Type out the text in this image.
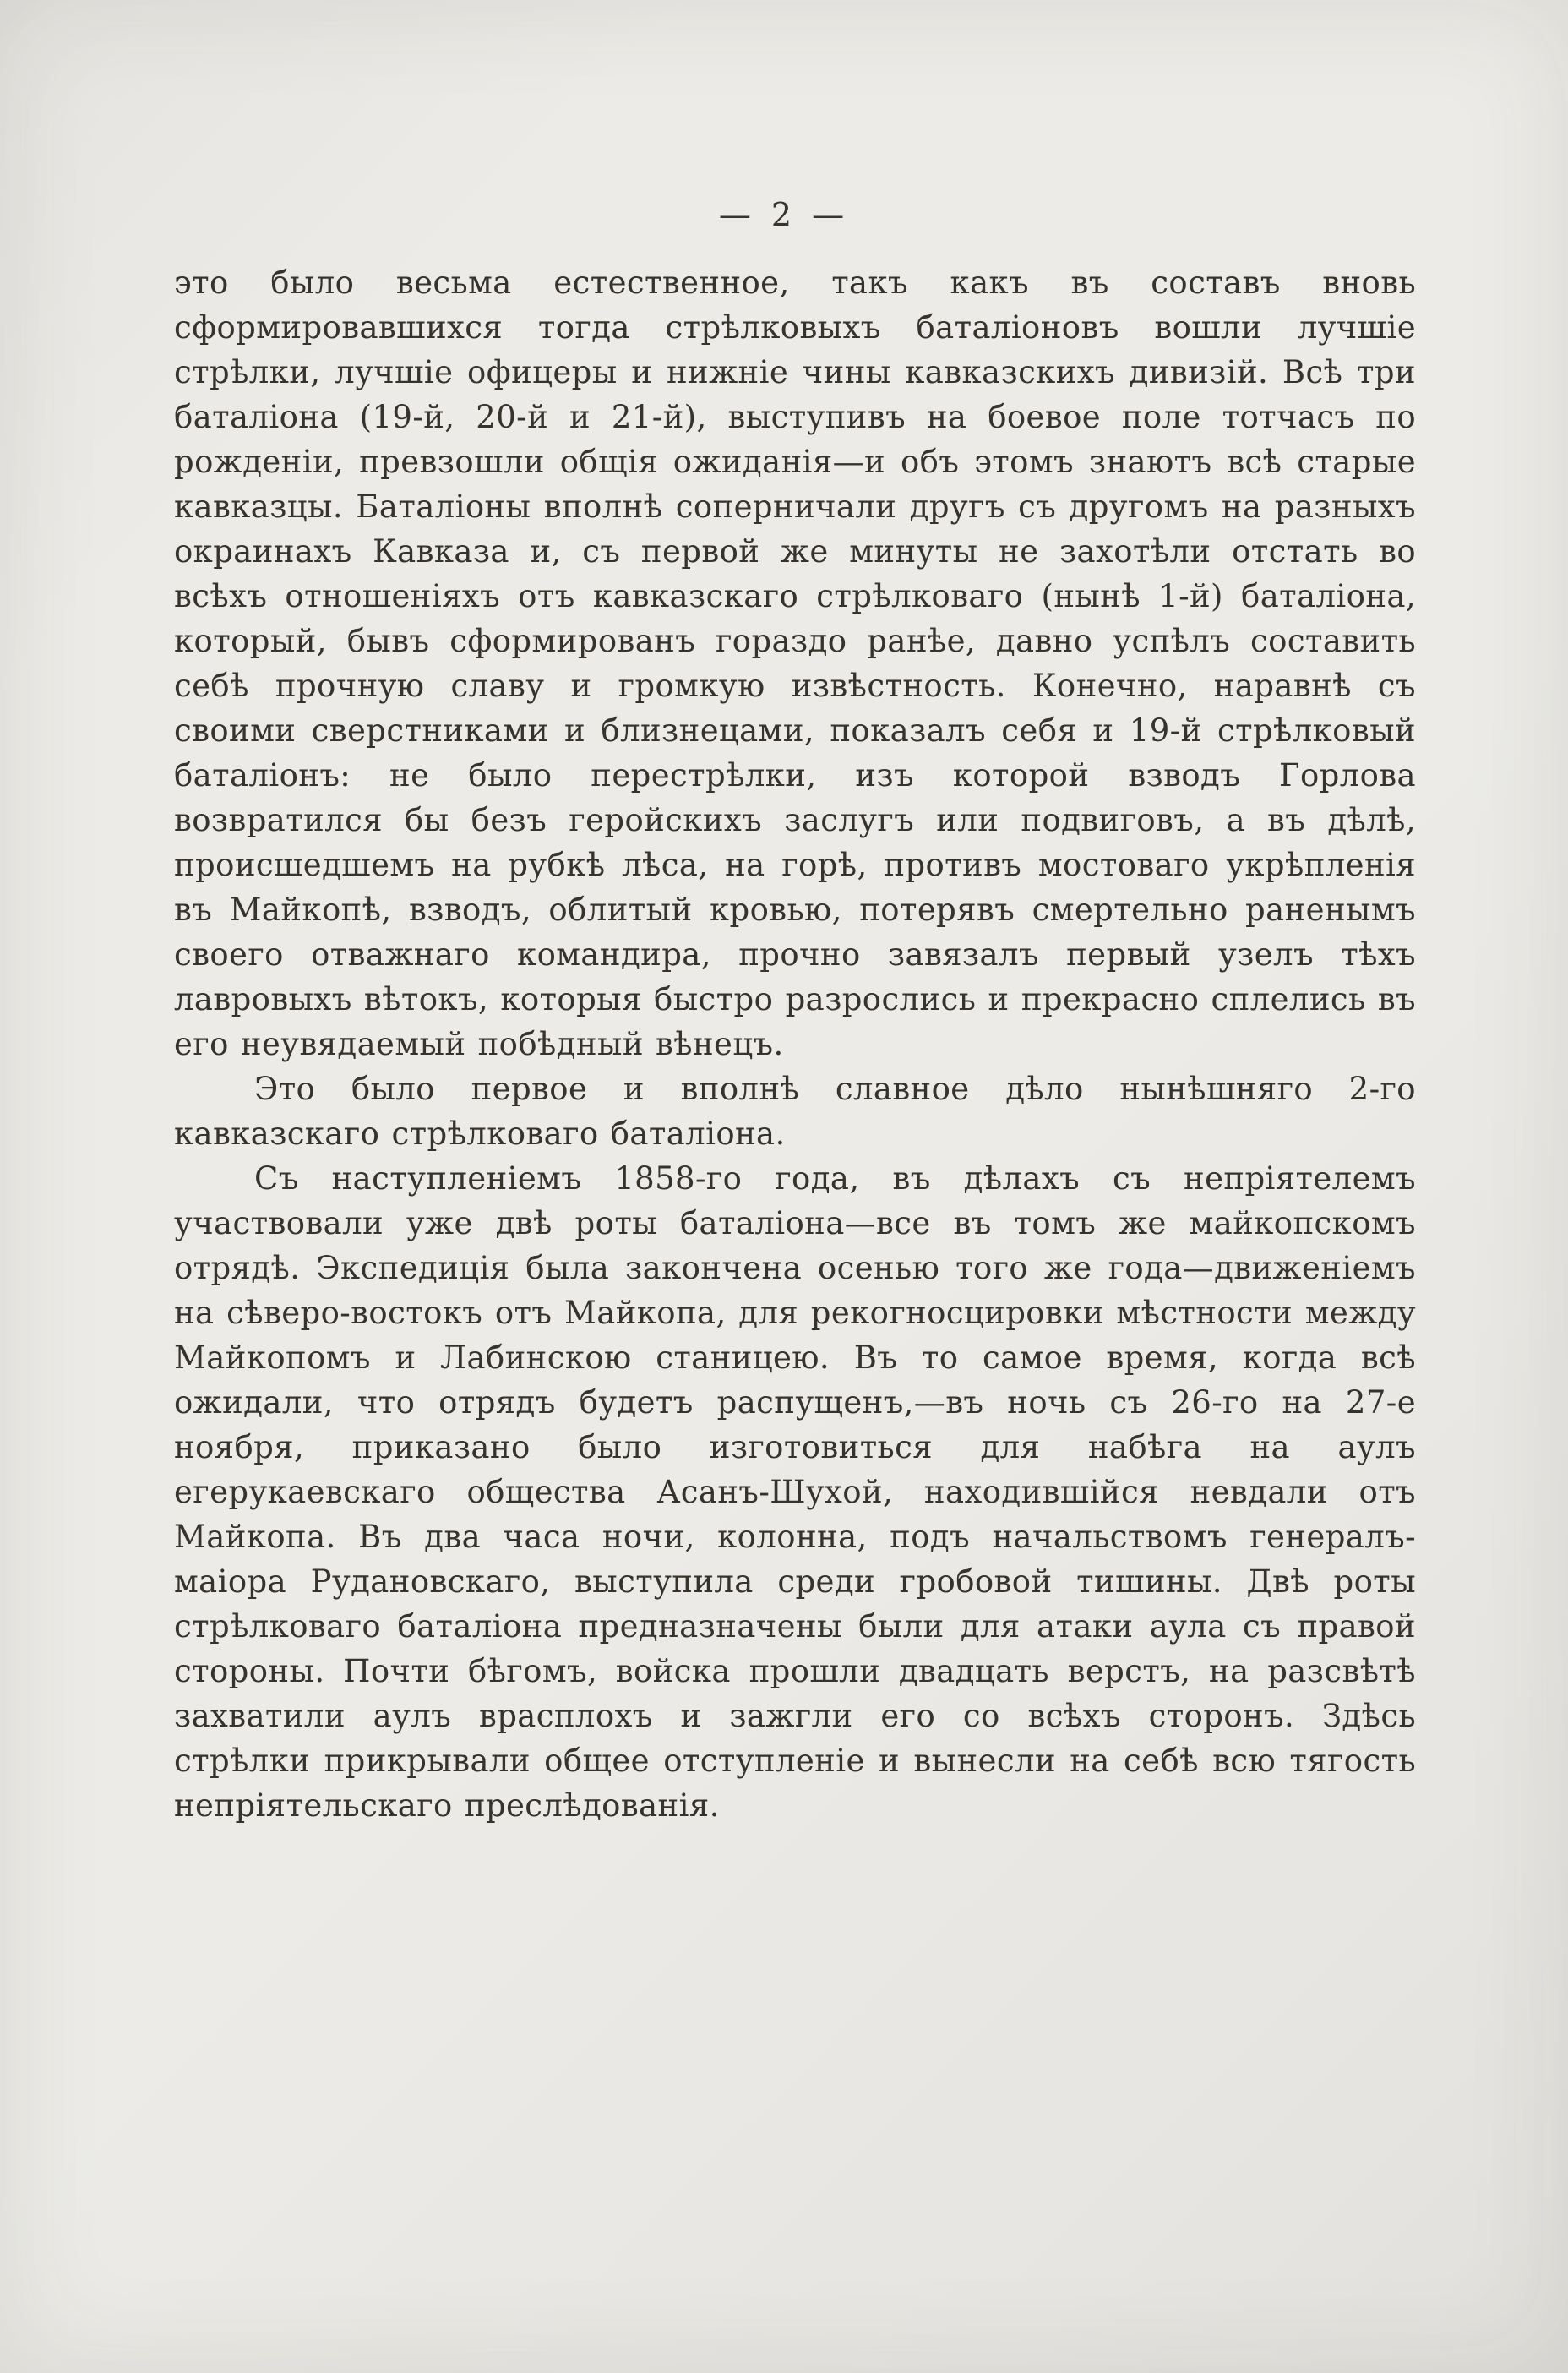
— 2 —

это было весьма естественное, такъ какъ въ составъ вновь сформировавшихся тогда стрѣлковыхъ баталіоновъ вошли лучшіе стрѣлки, лучшіе офицеры и нижніе чины кавказскихъ дивизій. Всѣ три баталіона (19-й, 20-й и 21-й), выступивъ на боевое поле тотчасъ по рожденіи, превзошли общія ожиданія—и объ этомъ знаютъ всѣ старые кавказцы. Баталіоны вполнѣ соперничали другъ съ другомъ на разныхъ окраинахъ Кавказа и, съ первой же минуты не захотѣли отстать во всѣхъ отношеніяхъ отъ кавказскаго стрѣлковаго (нынѣ 1-й) баталіона, который, бывъ сформированъ гораздо ранѣе, давно успѣлъ составить себѣ прочную славу и громкую извѣстность. Конечно, наравнѣ съ своими сверстниками и близнецами, показалъ себя и 19-й стрѣлковый баталіонъ: не было перестрѣлки, изъ которой взводъ Горлова возвратился бы безъ геройскихъ заслугъ или подвиговъ, а въ дѣлѣ, происшедшемъ на рубкѣ лѣса, на горѣ, противъ мостоваго укрѣпленія въ Майкопѣ, взводъ, облитый кровью, потерявъ смертельно раненымъ своего отважнаго командира, прочно завязалъ первый узелъ тѣхъ лавровыхъ вѣтокъ, которыя быстро разрослись и прекрасно сплелись въ его неувядаемый побѣдный вѣнецъ.

Это было первое и вполнѣ славное дѣло нынѣшняго 2-го кавказскаго стрѣлковаго баталіона.

Съ наступленіемъ 1858-го года, въ дѣлахъ съ непріятелемъ участвовали уже двѣ роты баталіона—все въ томъ же майкопскомъ отрядѣ. Экспедиція была закончена осенью того же года—движеніемъ на сѣверо-востокъ отъ Майкопа, для рекогносцировки мѣстности между Майкопомъ и Лабинскою станицею. Въ то самое время, когда всѣ ожидали, что отрядъ будетъ распущенъ,—въ ночь съ 26-го на 27-е ноября, приказано было изготовиться для набѣга на аулъ егерукаевскаго общества Асанъ-Шухой, находившійся невдали отъ Майкопа. Въ два часа ночи, колонна, подъ начальствомъ генералъ-маіора Рудановскаго, выступила среди гробовой тишины. Двѣ роты стрѣлковаго баталіона предназначены были для атаки аула съ правой стороны. Почти бѣгомъ, войска прошли двадцать верстъ, на разсвѣтѣ захватили аулъ врасплохъ и зажгли его со всѣхъ сторонъ. Здѣсь стрѣлки прикрывали общее отступленіе и вынесли на себѣ всю тягость непріятельскаго преслѣдованія.
